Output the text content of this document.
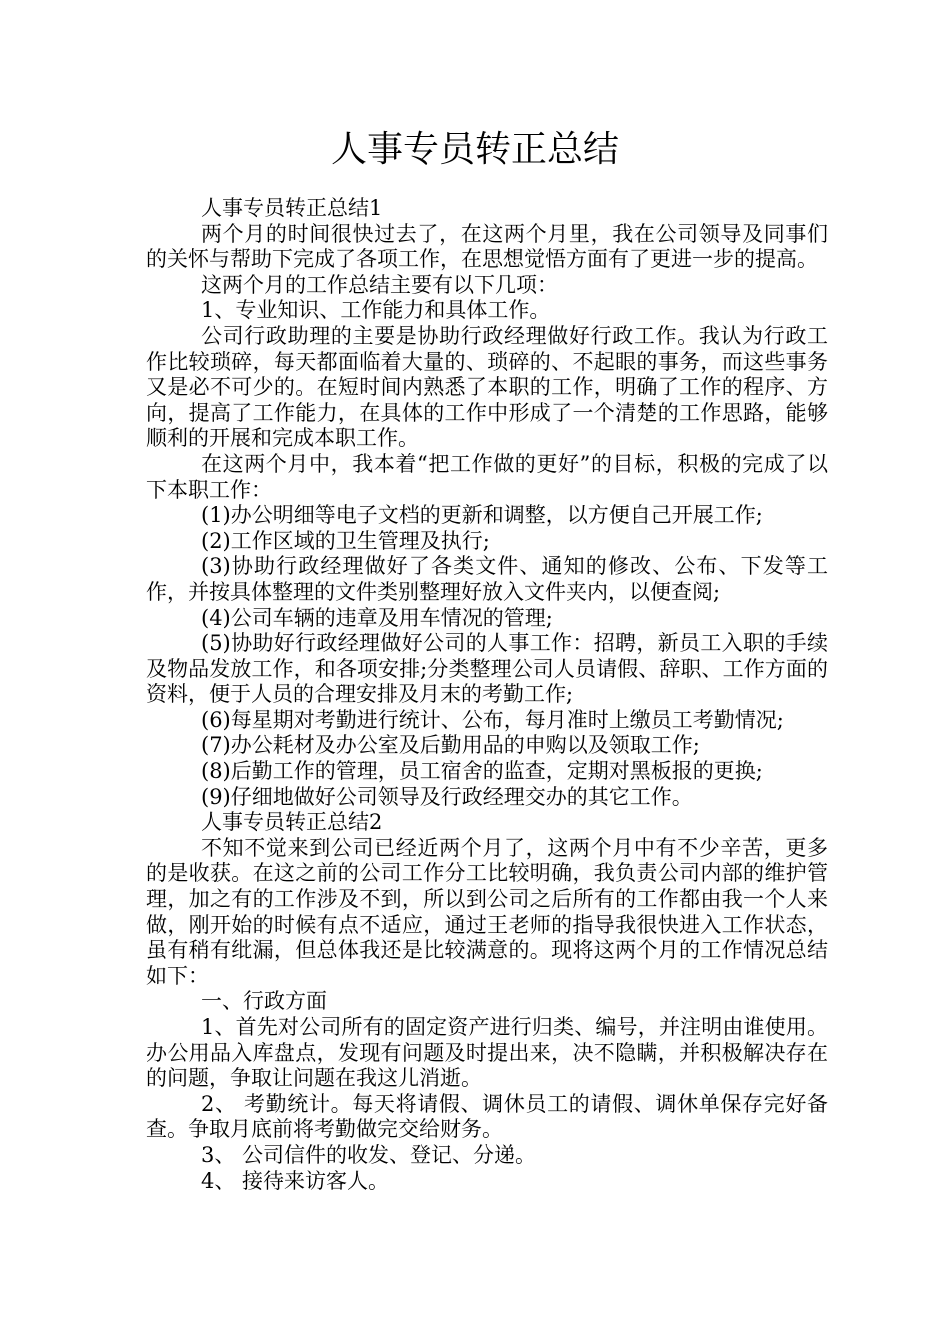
人事专员转正总结

人事专员转正总结1

两个月的时间很快过去了，在这两个月里，我在公司领导及同事们的关怀与帮助下完成了各项工作，在思想觉悟方面有了更进一步的提高。

这两个月的工作总结主要有以下几项：

1、专业知识、工作能力和具体工作。

公司行政助理的主要是协助行政经理做好行政工作。我认为行政工作比较琐碎，每天都面临着大量的、琐碎的、不起眼的事务，而这些事务又是必不可少的。在短时间内熟悉了本职的工作，明确了工作的程序、方向，提高了工作能力，在具体的工作中形成了一个清楚的工作思路，能够顺利的开展和完成本职工作。

在这两个月中，我本着“把工作做的更好”的目标，积极的完成了以下本职工作：

(1)办公明细等电子文档的更新和调整，以方便自己开展工作;

(2)工作区域的卫生管理及执行;

(3)协助行政经理做好了各类文件、通知的修改、公布、下发等工作，并按具体整理的文件类别整理好放入文件夹内，以便查阅;

(4)公司车辆的违章及用车情况的管理;

(5)协助好行政经理做好公司的人事工作：招聘，新员工入职的手续及物品发放工作，和各项安排;分类整理公司人员请假、辞职、工作方面的资料，便于人员的合理安排及月末的考勤工作;

(6)每星期对考勤进行统计、公布，每月准时上缴员工考勤情况;

(7)办公耗材及办公室及后勤用品的申购以及领取工作;

(8)后勤工作的管理，员工宿舍的监查，定期对黑板报的更换;

(9)仔细地做好公司领导及行政经理交办的其它工作。

人事专员转正总结2

不知不觉来到公司已经近两个月了，这两个月中有不少辛苦，更多的是收获。在这之前的公司工作分工比较明确，我负责公司内部的维护管理，加之有的工作涉及不到，所以到公司之后所有的工作都由我一个人来做，刚开始的时候有点不适应，通过王老师的指导我很快进入工作状态，虽有稍有纰漏，但总体我还是比较满意的。现将这两个月的工作情况总结如下：

一、行政方面

1、首先对公司所有的固定资产进行归类、编号，并注明由谁使用。办公用品入库盘点，发现有问题及时提出来，决不隐瞒，并积极解决存在的问题，争取让问题在我这儿消逝。

2、 考勤统计。每天将请假、调休员工的请假、调休单保存完好备查。争取月底前将考勤做完交给财务。

3、 公司信件的收发、登记、分递。

4、 接待来访客人。
